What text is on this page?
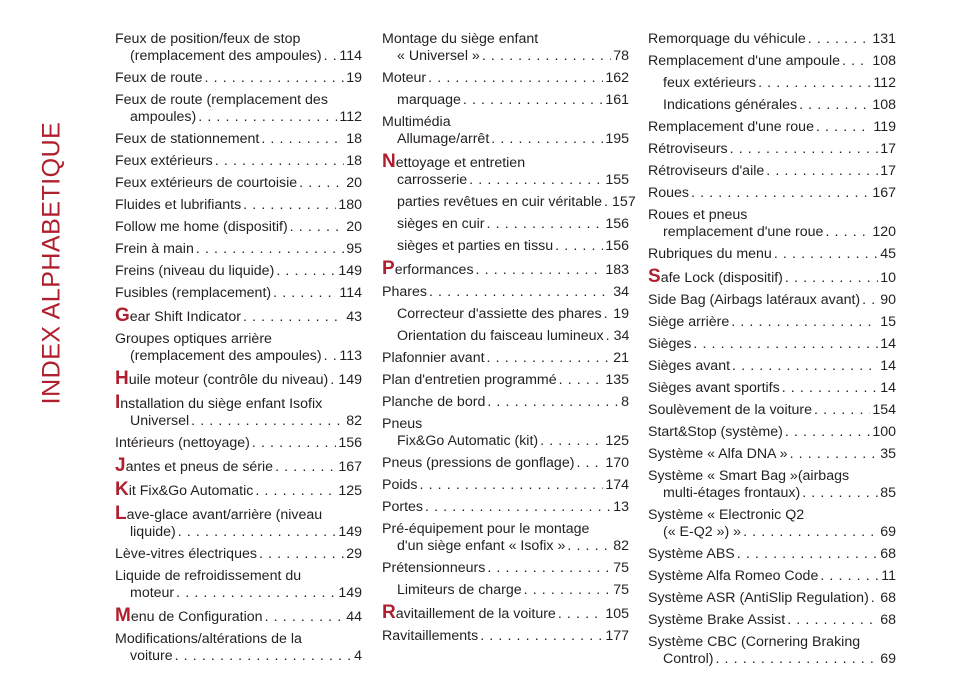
INDEX ALPHABETIQUE
Feux de position/feux de stop
(remplacement des ampoules) . . . 114
Feux de route . . .	19
Feux de route (remplacement des
ampoules) . . .	112
Feux de stationnement . . .	18
Feux extérieurs . . .	18
Feux extérieurs de courtoisie . . .	20
Fluides et lubrifiants . . .	180
Follow me home (dispositif) . . .	20
Frein à main . . .	95
Freins (niveau du liquide) . . .	149
Fusibles (remplacement) . . .	114
Gear Shift Indicator . . .	43
Groupes optiques arrière
(remplacement des ampoules) . . . 113
Huile moteur (contrôle du niveau) . . . 149
Installation du siège enfant Isofix
Universel . . .	82
Intérieurs (nettoyage) . . .	156
Jantes et pneus de série . . .	167
Kit Fix&Go Automatic . . .	125
Lave-glace avant/arrière (niveau
liquide) . . .	149
Lève-vitres électriques . . .	29
Liquide de refroidissement du
moteur . . .	149
Menu de Configuration . . .	44
Modifications/altérations de la
voiture . . .	4
Montage du siège enfant
« Universel » . . .	78
Moteur . . .	162
marquage . . .	161
Multimédia
Allumage/arrêt . . .	195
Nettoyage et entretien
carrosserie . . .	155
parties revêtues en cuir véritable . . . 157
sièges en cuir . . .	156
sièges et parties en tissu . . .	156
Performances . . .	183
Phares . . .	34
Correcteur d'assiette des phares . . . 19
Orientation du faisceau lumineux . . . 34
Plafonnier avant . . .	21
Plan d'entretien programmé . . .	135
Planche de bord . . .	8
Pneus
Fix&Go Automatic (kit) . . .	125
Pneus (pressions de gonflage) . . . 170
Poids . . .	174
Portes . . .	13
Pré-équipement pour le montage
d'un siège enfant « Isofix » . . .	82
Prétensionneurs . . .	75
Limiteurs de charge . . .	75
Ravitaillement de la voiture . . .	105
Ravitaillements . . .	177
Remorquage du véhicule . . .	131
Remplacement d'une ampoule . . . 108
feux extérieurs . . .	112
Indications générales . . .	108
Remplacement d'une roue . . .	119
Rétroviseurs . . .	17
Rétroviseurs d'aile . . .	17
Roues . . .	167
Roues et pneus
remplacement d'une roue . . .	120
Rubriques du menu . . .	45
Safe Lock (dispositif) . . .	10
Side Bag (Airbags latéraux avant) . . . 90
Siège arrière . . .	15
Sièges . . .	14
Sièges avant . . .	14
Sièges avant sportifs . . .	14
Soulèvement de la voiture . . .	154
Start&Stop (système) . . .	100
Système « Alfa DNA » . . .	35
Système « Smart Bag »(airbags
multi-étages frontaux) . . .	85
Système « Electronic Q2
(« E-Q2 ») » . . .	69
Système ABS . . .	68
Système Alfa Romeo Code . . .	11
Système ASR (AntiSlip Regulation) . . . 68
Système Brake Assist . . .	68
Système CBC (Cornering Braking
Control) . . .	69
